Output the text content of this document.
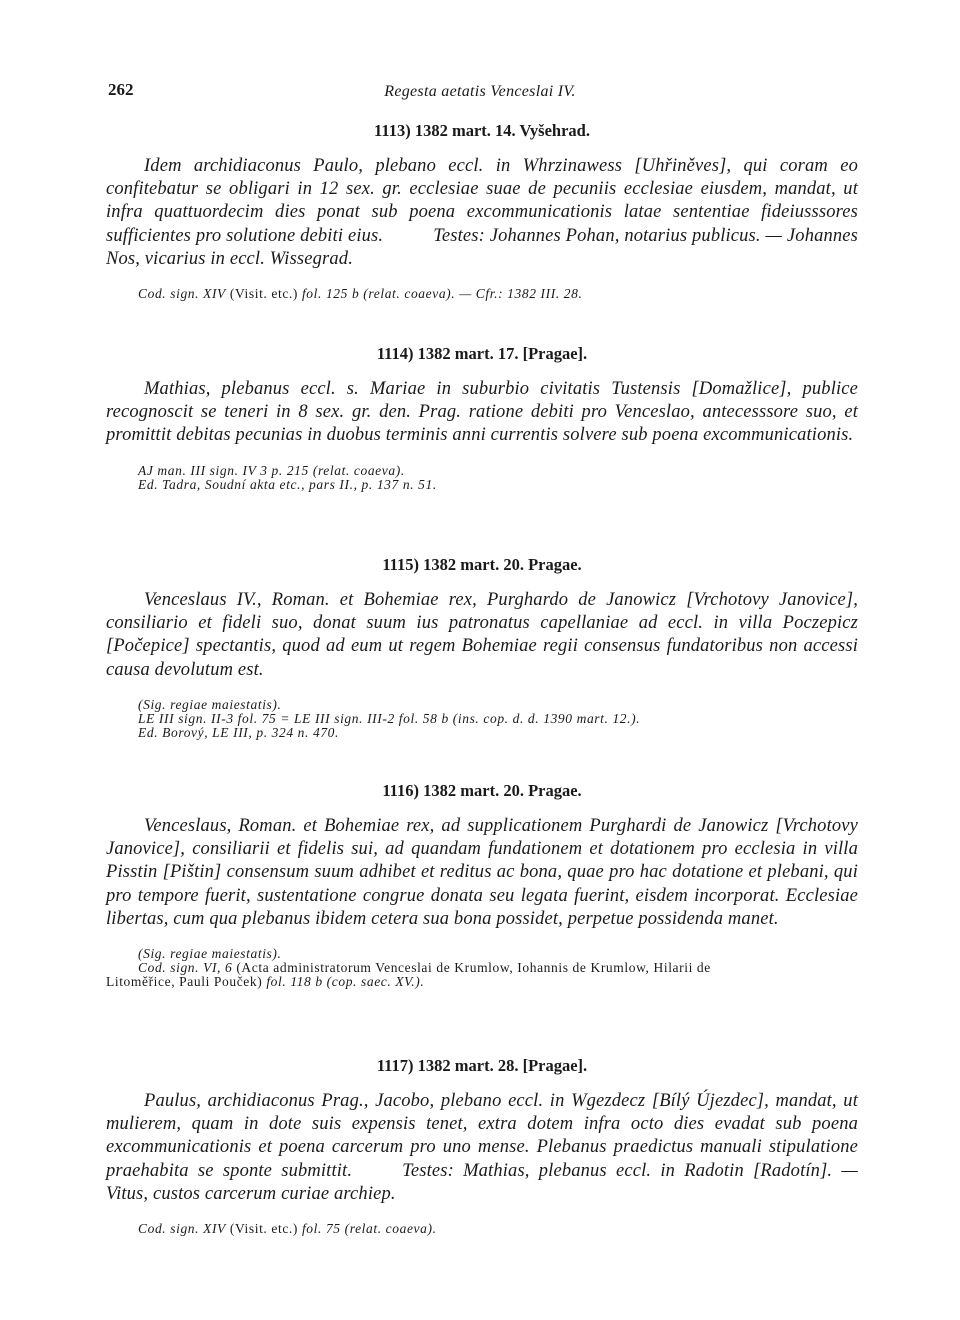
262	Regesta aetatis Venceslai IV.
1113) 1382 mart. 14. Vyšehrad.

Idem archidiaconus Paulo, plebano eccl. in Whrzinawess [Uhřiněves], qui coram eo confitebatur se obligari in 12 sex. gr. ecclesiae suae de pecuniis ecclesiae eiusdem, mandat, ut infra quattuordecim dies ponat sub poena excommunicationis latae sententiae fideiusssores sufficientes pro solutione debiti eius.	Testes: Johannes Pohan, notarius publicus. — Johannes Nos, vicarius in eccl. Wissegrad.

Cod. sign. XIV (Visit. etc.) fol. 125 b (relat. coaeva). — Cfr.: 1382 III. 28.
1114) 1382 mart. 17. [Pragae].

Mathias, plebanus eccl. s. Mariae in suburbio civitatis Tustensis [Domažlice], publice recognoscit se teneri in 8 sex. gr. den. Prag. ratione debiti pro Venceslao, antecesssore suo, et promittit debitas pecunias in duobus terminis anni currentis solvere sub poena excommunicationis.

AJ man. III sign. IV 3 p. 215 (relat. coaeva).
Ed. Tadra, Soudní akta etc., pars II., p. 137 n. 51.
1115) 1382 mart. 20. Pragae.

Venceslaus IV., Roman. et Bohemiae rex, Purghardo de Janowicz [Vrchotovy Janovice], consiliario et fideli suo, donat suum ius patronatus capellaniae ad eccl. in villa Poczepicz [Počepice] spectantis, quod ad eum ut regem Bohemiae regii consensus fundatoribus non accessi causa devolutum est.

(Sig. regiae maiestatis).
LE III sign. II-3 fol. 75 = LE III sign. III-2 fol. 58 b (ins. cop. d. d. 1390 mart. 12.).
Ed. Borový, LE III, p. 324 n. 470.
1116) 1382 mart. 20. Pragae.

Venceslaus, Roman. et Bohemiae rex, ad supplicationem Purghardi de Janowicz [Vrchotovy Janovice], consiliarii et fidelis sui, ad quandam fundationem et dotationem pro ecclesia in villa Pisstin [Pištin] consensum suum adhibet et reditus ac bona, quae pro hac dotatione et plebani, qui pro tempore fuerit, sustentatione congrue donata seu legata fuerint, eisdem incorporat. Ecclesiae libertas, cum qua plebanus ibidem cetera sua bona possidet, perpetue possidenda manet.

(Sig. regiae maiestatis).
Cod. sign. VI, 6 (Acta administratorum Venceslai de Krumlow, Iohannis de Krumlow, Hilarii de
Litoměřice, Pauli Pouček) fol. 118 b (cop. saec. XV.).
1117) 1382 mart. 28. [Pragae].

Paulus, archidiaconus Prag., Jacobo, plebano eccl. in Wgezdecz [Bílý Újezdec], mandat, ut mulierem, quam in dote suis expensis tenet, extra dotem infra octo dies evadat sub poena excommunicationis et poena carcerum pro uno mense. Plebanus praedictus manuali stipulatione praehabita se sponte submittit.	Testes: Mathias, plebanus eccl. in Radotin [Radotín]. — Vitus, custos carcerum curiae archiep.

Cod. sign. XIV (Visit. etc.) fol. 75 (relat. coaeva).
